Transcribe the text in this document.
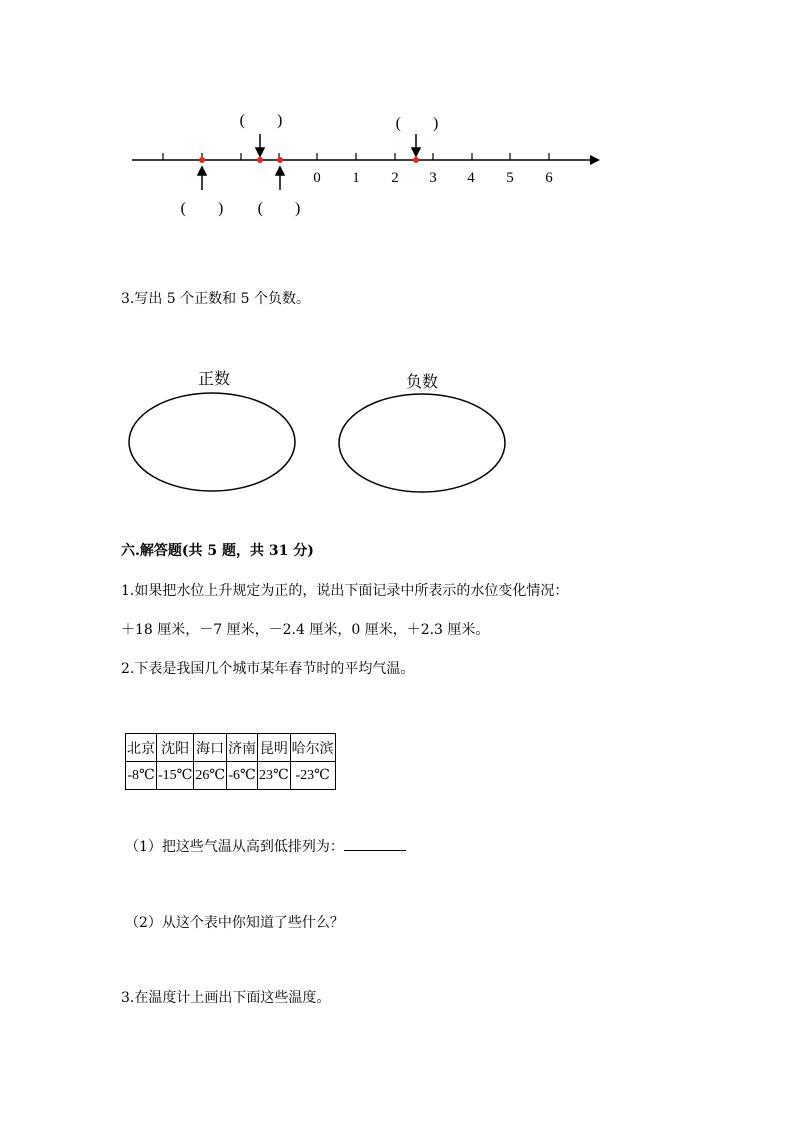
0 1 2 3 4 5 6
(　　)	(　　)
(　　) (　　)
3.写出 5 个正数和 5 个负数。
正数	负数
六.解答题(共 5 题，共 31 分)
1.如果把水位上升规定为正的，说出下面记录中所表示的水位变化情况：
＋18 厘米，－7 厘米，－2.4 厘米，0 厘米，＋2.3 厘米。
2.下表是我国几个城市某年春节时的平均气温。
北京	沈阳	海口	济南	昆明	哈尔滨
-8℃	-15℃	26℃	-6℃	23℃	-23℃
（1）把这些气温从高到低排列为：
（2）从这个表中你知道了些什么？
3.在温度计上画出下面这些温度。
